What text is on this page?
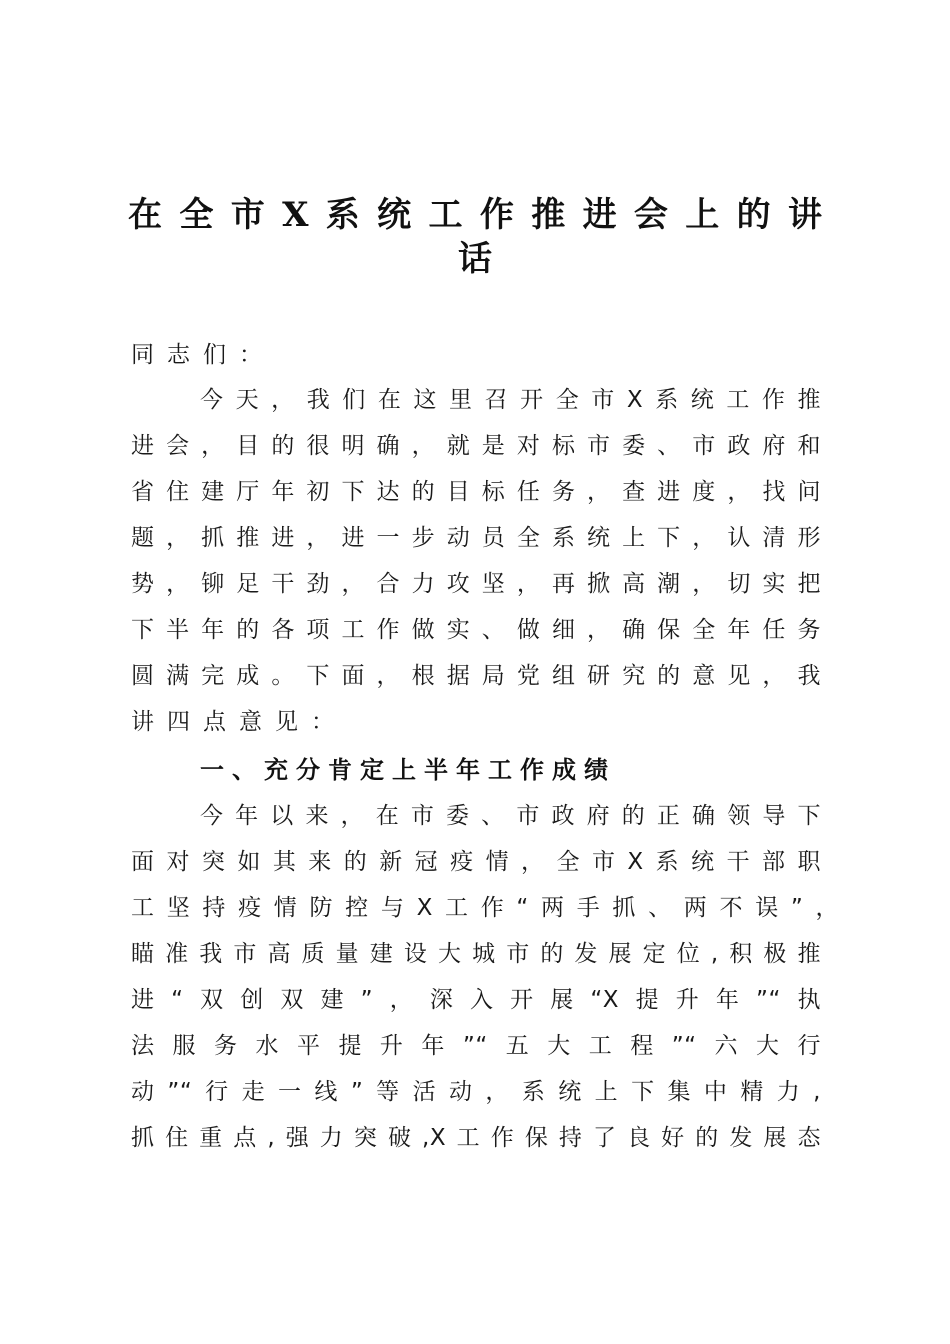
在全市X系统工作推进会上的讲
话
同志们：
今天，我们在这里召开全市X系统工作推
进会，目的很明确，就是对标市委、市政府和
省住建厅年初下达的目标任务，查进度，找问
题，抓推进，进一步动员全系统上下，认清形
势，铆足干劲，合力攻坚，再掀高潮，切实把
下半年的各项工作做实、做细，确保全年任务
圆满完成。下面，根据局党组研究的意见，我
讲四点意见：
一、充分肯定上半年工作成绩
今年以来，在市委、市政府的正确领导下
面对突如其来的新冠疫情，全市X系统干部职
工坚持疫情防控与X工作“两手抓、两不误”，
瞄准我市高质量建设大城市的发展定位,积极推
进“双创双建”，深入开展“X提升年”“执
法服务水平提升年”“五大工程”“六大行
动”“行走一线”等活动，系统上下集中精力,
抓住重点,强力突破,X工作保持了良好的发展态
